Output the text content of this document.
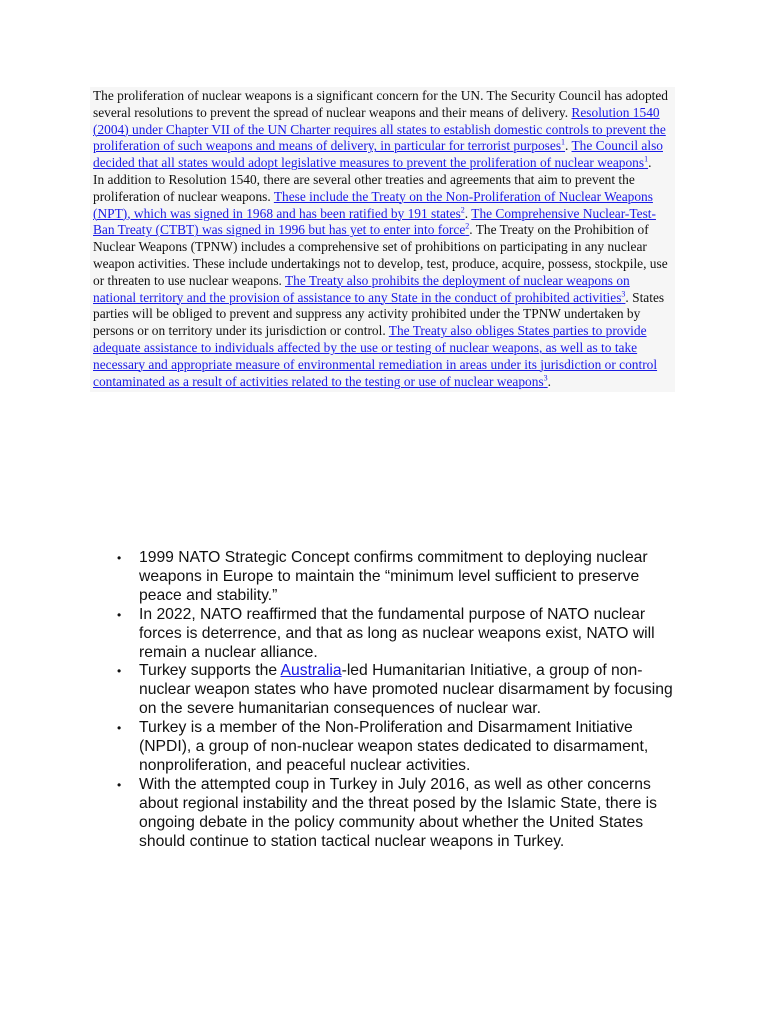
The proliferation of nuclear weapons is a significant concern for the UN. The Security Council has adopted several resolutions to prevent the spread of nuclear weapons and their means of delivery. Resolution 1540 (2004) under Chapter VII of the UN Charter requires all states to establish domestic controls to prevent the proliferation of such weapons and means of delivery, in particular for terrorist purposes$^1$. The Council also decided that all states would adopt legislative measures to prevent the proliferation of nuclear weapons$^1$.

In addition to Resolution 1540, there are several other treaties and agreements that aim to prevent the proliferation of nuclear weapons. These include the Treaty on the Non-Proliferation of Nuclear Weapons (NPT), which was signed in 1968 and has been ratified by 191 states$^2$. The Comprehensive Nuclear-Test-Ban Treaty (CTBT) was signed in 1996 but has yet to enter into force$^2$. The Treaty on the Prohibition of Nuclear Weapons (TPNW) includes a comprehensive set of prohibitions on participating in any nuclear weapon activities. These include undertakings not to develop, test, produce, acquire, possess, stockpile, use or threaten to use nuclear weapons. The Treaty also prohibits the deployment of nuclear weapons on national territory and the provision of assistance to any State in the conduct of prohibited activities$^3$. States parties will be obliged to prevent and suppress any activity prohibited under the TPNW undertaken by persons or on territory under its jurisdiction or control. The Treaty also obliges States parties to provide adequate assistance to individuals affected by the use or testing of nuclear weapons, as well as to take necessary and appropriate measure of environmental remediation in areas under its jurisdiction or control contaminated as a result of activities related to the testing or use of nuclear weapons$^3$.

• 1999 NATO Strategic Concept confirms commitment to deploying nuclear weapons in Europe to maintain the “minimum level sufficient to preserve peace and stability.”
• In 2022, NATO reaffirmed that the fundamental purpose of NATO nuclear forces is deterrence, and that as long as nuclear weapons exist, NATO will remain a nuclear alliance.
• Turkey supports the Australia-led Humanitarian Initiative, a group of non-nuclear weapon states who have promoted nuclear disarmament by focusing on the severe humanitarian consequences of nuclear war.
• Turkey is a member of the Non-Proliferation and Disarmament Initiative (NPDI), a group of non-nuclear weapon states dedicated to disarmament, nonproliferation, and peaceful nuclear activities.
• With the attempted coup in Turkey in July 2016, as well as other concerns about regional instability and the threat posed by the Islamic State, there is ongoing debate in the policy community about whether the United States should continue to station tactical nuclear weapons in Turkey.
